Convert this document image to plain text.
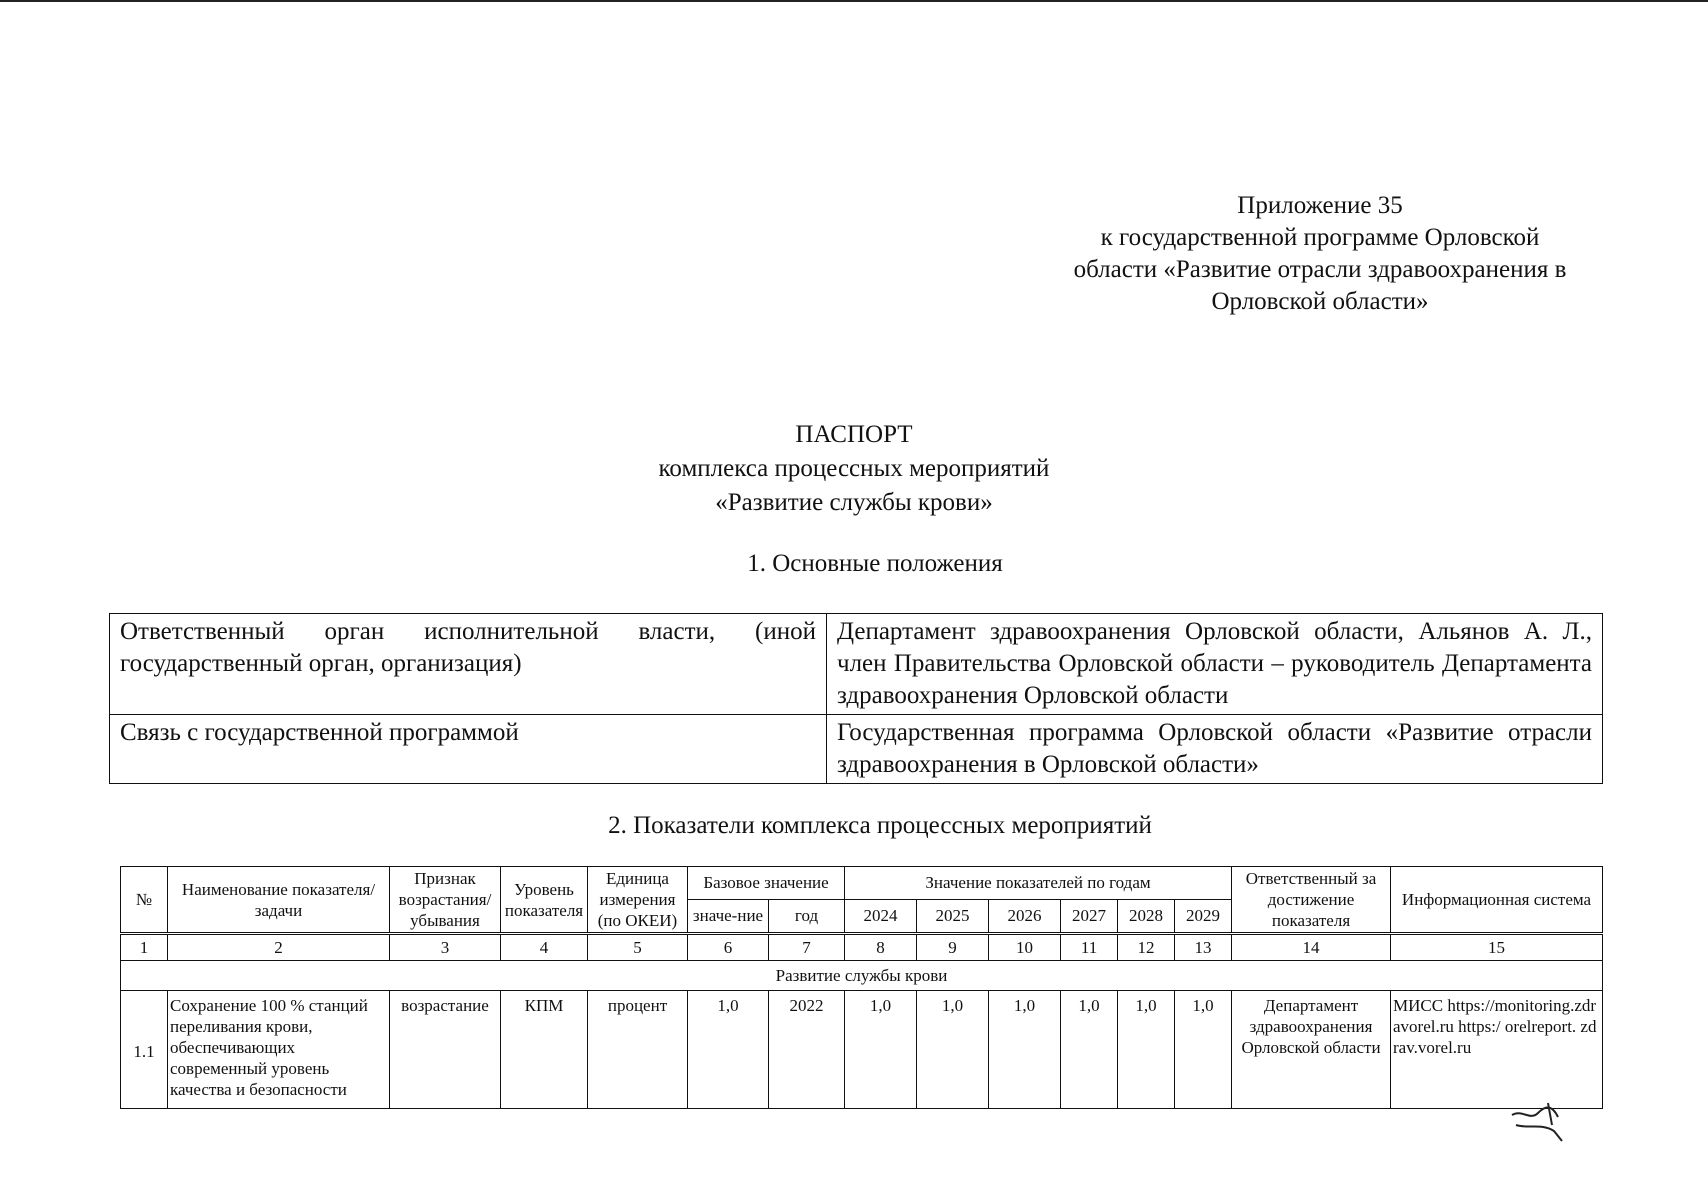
Приложение 35
к государственной программе Орловской
области «Развитие отрасли здравоохранения в
Орловской области»
ПАСПОРТ
комплекса процессных мероприятий
«Развитие службы крови»
1. Основные положения
Ответственный орган исполнительной власти, (иной государственный орган, организация)	Департамент здравоохранения Орловской области, Альянов А. Л., член Правительства Орловской области – руководитель Департамента здравоохранения Орловской области
Связь с государственной программой	Государственная программа Орловской области «Развитие отрасли здравоохранения в Орловской области»
2. Показатели комплекса процессных мероприятий
№	Наименование показателя/ задачи	Признак возрастания/ убывания	Уровень показателя	Единица измерения (по ОКЕИ)	Базовое значение		Значение показателей по годам						Ответственный за достижение показателя	Информационная система
					значе-ние	год	2024	2025	2026	2027	2028	2029		
1	2	3	4	5	6	7	8	9	10	11	12	13	14	15
Развитие службы крови														
1.1	Сохранение 100 % станций переливания крови, обеспечивающих современный уровень качества и безопасности	возрастание	КПМ	процент	1,0	2022	1,0	1,0	1,0	1,0	1,0	1,0	Департамент здравоохранения Орловской области	МИСС https://monitoring.zdravorel.ru https:/ orelreport. zdrav.vorel.ru
